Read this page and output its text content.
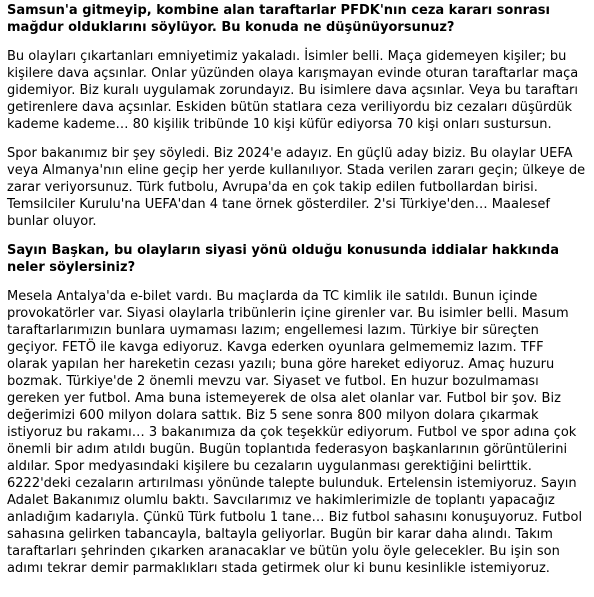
Samsun'a gitmeyip, kombine alan taraftarlar PFDK'nın ceza kararı sonrası mağdur olduklarını söylüyor. Bu konuda ne düşünüyorsunuz?
Bu olayları çıkartanları emniyetimiz yakaladı. İsimler belli. Maça gidemeyen kişiler; bu kişilere dava açsınlar. Onlar yüzünden olaya karışmayan evinde oturan taraftarlar maça gidemiyor. Biz kuralı uygulamak zorundayız. Bu isimlere dava açsınlar. Veya bu taraftarı getirenlere dava açsınlar. Eskiden bütün statlara ceza veriliyordu biz cezaları düşürdük kademe kademe… 80 kişilik tribünde 10 kişi küfür ediyorsa 70 kişi onları sustursun.
Spor bakanımız bir şey söyledi. Biz 2024'e adayız. En güçlü aday biziz. Bu olaylar UEFA veya Almanya'nın eline geçip her yerde kullanılıyor. Stada verilen zararı geçin; ülkeye de zarar veriyorsunuz. Türk futbolu, Avrupa'da en çok takip edilen futbollardan birisi. Temsilciler Kurulu'na UEFA'dan 4 tane örnek gösterdiler. 2'si Türkiye'den… Maalesef bunlar oluyor.
Sayın Başkan, bu olayların siyasi yönü olduğu konusunda iddialar hakkında neler söylersiniz?
Mesela Antalya'da e-bilet vardı. Bu maçlarda da TC kimlik ile satıldı. Bunun içinde provokatörler var. Siyasi olaylarla tribünlerin içine girenler var. Bu isimler belli. Masum taraftarlarımızın bunlara uymaması lazım; engellemesi lazım. Türkiye bir süreçten geçiyor. FETÖ ile kavga ediyoruz. Kavga ederken oyunlara gelmememiz lazım. TFF olarak yapılan her hareketin cezası yazılı; buna göre hareket ediyoruz. Amaç huzuru bozmak. Türkiye'de 2 önemli mevzu var. Siyaset ve futbol. En huzur bozulmaması gereken yer futbol. Ama buna istemeyerek de olsa alet olanlar var. Futbol bir şov. Biz değerimizi 600 milyon dolara sattık. Biz 5 sene sonra 800 milyon dolara çıkarmak istiyoruz bu rakamı… 3 bakanımıza da çok teşekkür ediyorum. Futbol ve spor adına çok önemli bir adım atıldı bugün. Bugün toplantıda federasyon başkanlarının görüntülerini aldılar. Spor medyasındaki kişilere bu cezaların uygulanması gerektiğini belirttik. 6222'deki cezaların artırılması yönünde talepte bulunduk. Ertelensin istemiyoruz. Sayın Adalet Bakanımız olumlu baktı. Savcılarımız ve hakimlerimizle de toplantı yapacağız anladığım kadarıyla. Çünkü Türk futbolu 1 tane… Biz futbol sahasını konuşuyoruz. Futbol sahasına gelirken tabancayla, baltayla geliyorlar. Bugün bir karar daha alındı. Takım taraftarları şehrinden çıkarken aranacaklar ve bütün yolu öyle gelecekler. Bu işin son adımı tekrar demir parmaklıkları stada getirmek olur ki bunu kesinlikle istemiyoruz.
